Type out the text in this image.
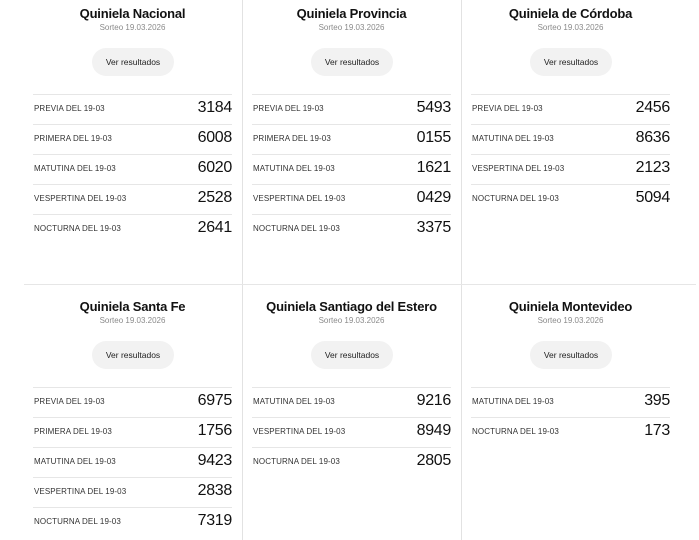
Quiniela Nacional
Sorteo 19.03.2026
Ver resultados
PREVIA DEL 19-03	3184
PRIMERA DEL 19-03	6008
MATUTINA DEL 19-03	6020
VESPERTINA DEL 19-03	2528
NOCTURNA DEL 19-03	2641
Quiniela Provincia
Sorteo 19.03.2026
Ver resultados
PREVIA DEL 19-03	5493
PRIMERA DEL 19-03	0155
MATUTINA DEL 19-03	1621
VESPERTINA DEL 19-03	0429
NOCTURNA DEL 19-03	3375
Quiniela de Córdoba
Sorteo 19.03.2026
Ver resultados
PREVIA DEL 19-03	2456
MATUTINA DEL 19-03	8636
VESPERTINA DEL 19-03	2123
NOCTURNA DEL 19-03	5094
Quiniela Santa Fe
Sorteo 19.03.2026
Ver resultados
PREVIA DEL 19-03	6975
PRIMERA DEL 19-03	1756
MATUTINA DEL 19-03	9423
VESPERTINA DEL 19-03	2838
NOCTURNA DEL 19-03	7319
Quiniela Santiago del Estero
Sorteo 19.03.2026
Ver resultados
MATUTINA DEL 19-03	9216
VESPERTINA DEL 19-03	8949
NOCTURNA DEL 19-03	2805
Quiniela Montevideo
Sorteo 19.03.2026
Ver resultados
MATUTINA DEL 19-03	395
NOCTURNA DEL 19-03	173
